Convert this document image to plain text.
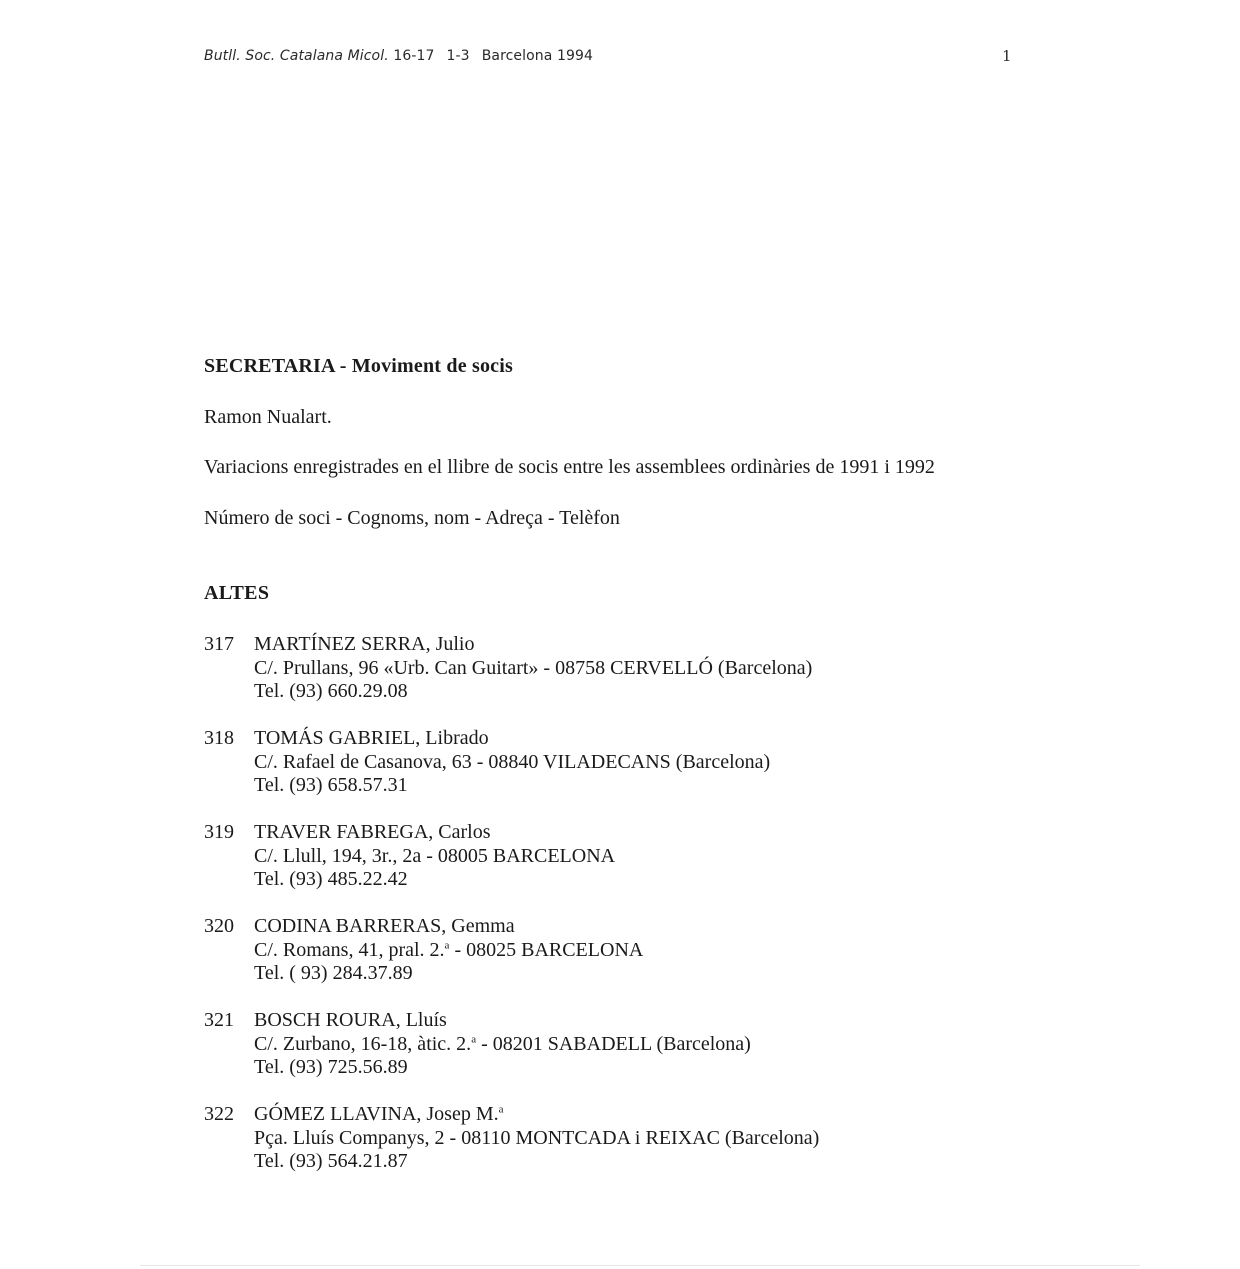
Butll. Soc. Catalana Micol. 16-17 1-3 Barcelona 1994	1
SECRETARIA - Moviment de socis
Ramon Nualart.
Variacions enregistrades en el llibre de socis entre les assemblees ordinàries de 1991 i 1992
Número de soci - Cognoms, nom - Adreça - Telèfon
ALTES
317	MARTÍNEZ SERRA, Julio
C/. Prullans, 96 «Urb. Can Guitart» - 08758 CERVELLÓ (Barcelona)
Tel. (93) 660.29.08
318	TOMÁS GABRIEL, Librado
C/. Rafael de Casanova, 63 - 08840 VILADECANS (Barcelona)
Tel. (93) 658.57.31
319	TRAVER FABREGA, Carlos
C/. Llull, 194, 3r., 2a - 08005 BARCELONA
Tel. (93) 485.22.42
320	CODINA BARRERAS, Gemma
C/. Romans, 41, pral. 2.$^a$ - 08025 BARCELONA
Tel. ( 93) 284.37.89
321	BOSCH ROURA, Lluís
C/. Zurbano, 16-18, àtic. 2.$^a$ - 08201 SABADELL (Barcelona)
Tel. (93) 725.56.89
322	GÓMEZ LLAVINA, Josep M.$^a$
Pça. Lluís Companys, 2 - 08110 MONTCADA i REIXAC (Barcelona)
Tel. (93) 564.21.87
